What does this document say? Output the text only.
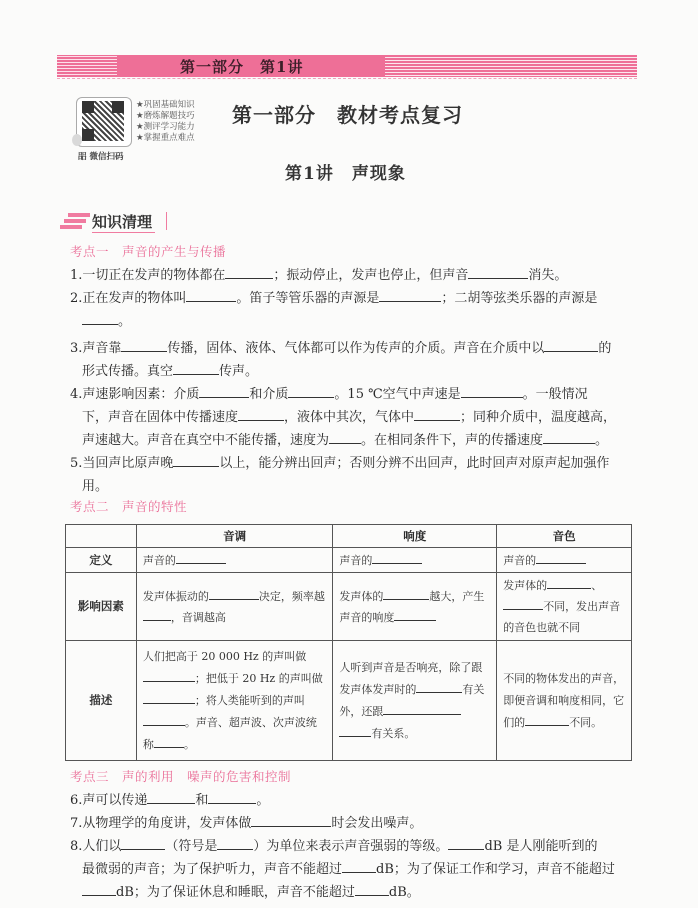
第一部分　第1讲
★巩固基础知识
★磨炼解题技巧
★测评学习能力
★掌握重点难点
㗊 微信扫码
第一部分　教材考点复习
第1讲　声现象
知识清理
考点一　声音的产生与传播
1.一切正在发声的物体都在	；振动停止，发声也停止，但声音	消失。
2.正在发声的物体叫	。笛子等管乐器的声源是	；二胡等弦类乐器的声源是
。
3.声音靠	传播，固体、液体、气体都可以作为传声的介质。声音在介质中以	的
形式传播。真空	传声。
4.声速影响因素：介质	和介质	。15 ℃空气中声速是	。一般情况
下，声音在固体中传播速度	，液体中其次，气体中	；同种介质中，温度越高，
声速越大。声音在真空中不能传播，速度为 。在相同条件下，声的传播速度	。
5.当回声比原声晚	以上，能分辨出回声；否则分辨不出回声，此时回声对原声起加强作
用。
考点二　声音的特性
	音调	响度	音色
定义	声音的	声音的	声音的
影响因素	发声体振动的 决定，频率越，音调越高	发声体的 越大，产生声音的响度	发声体的 、
不同，发出声音的音色也就不同
描述	人们把高于 20 000 Hz 的声叫做；把低于 20 Hz 的声叫做；将人类能听到的声叫。声音、超声波、次声波统称 。	人听到声音是否响亮，除了跟发声体发声时的 有关外，还跟
有关系。	不同的物体发出的声音，即便音调和响度相同，它们的 不同。
考点三　声的利用　噪声的危害和控制
6.声可以传递	和	。
7.从物理学的角度讲，发声体做	时会发出噪声。
8.人们以	（符号是	）为单位来表示声音强弱的等级。	dB 是人刚能听到的
最微弱的声音；为了保护听力，声音不能超过	dB；为了保证工作和学习，声音不能超过
dB；为了保证休息和睡眠，声音不能超过	dB。
